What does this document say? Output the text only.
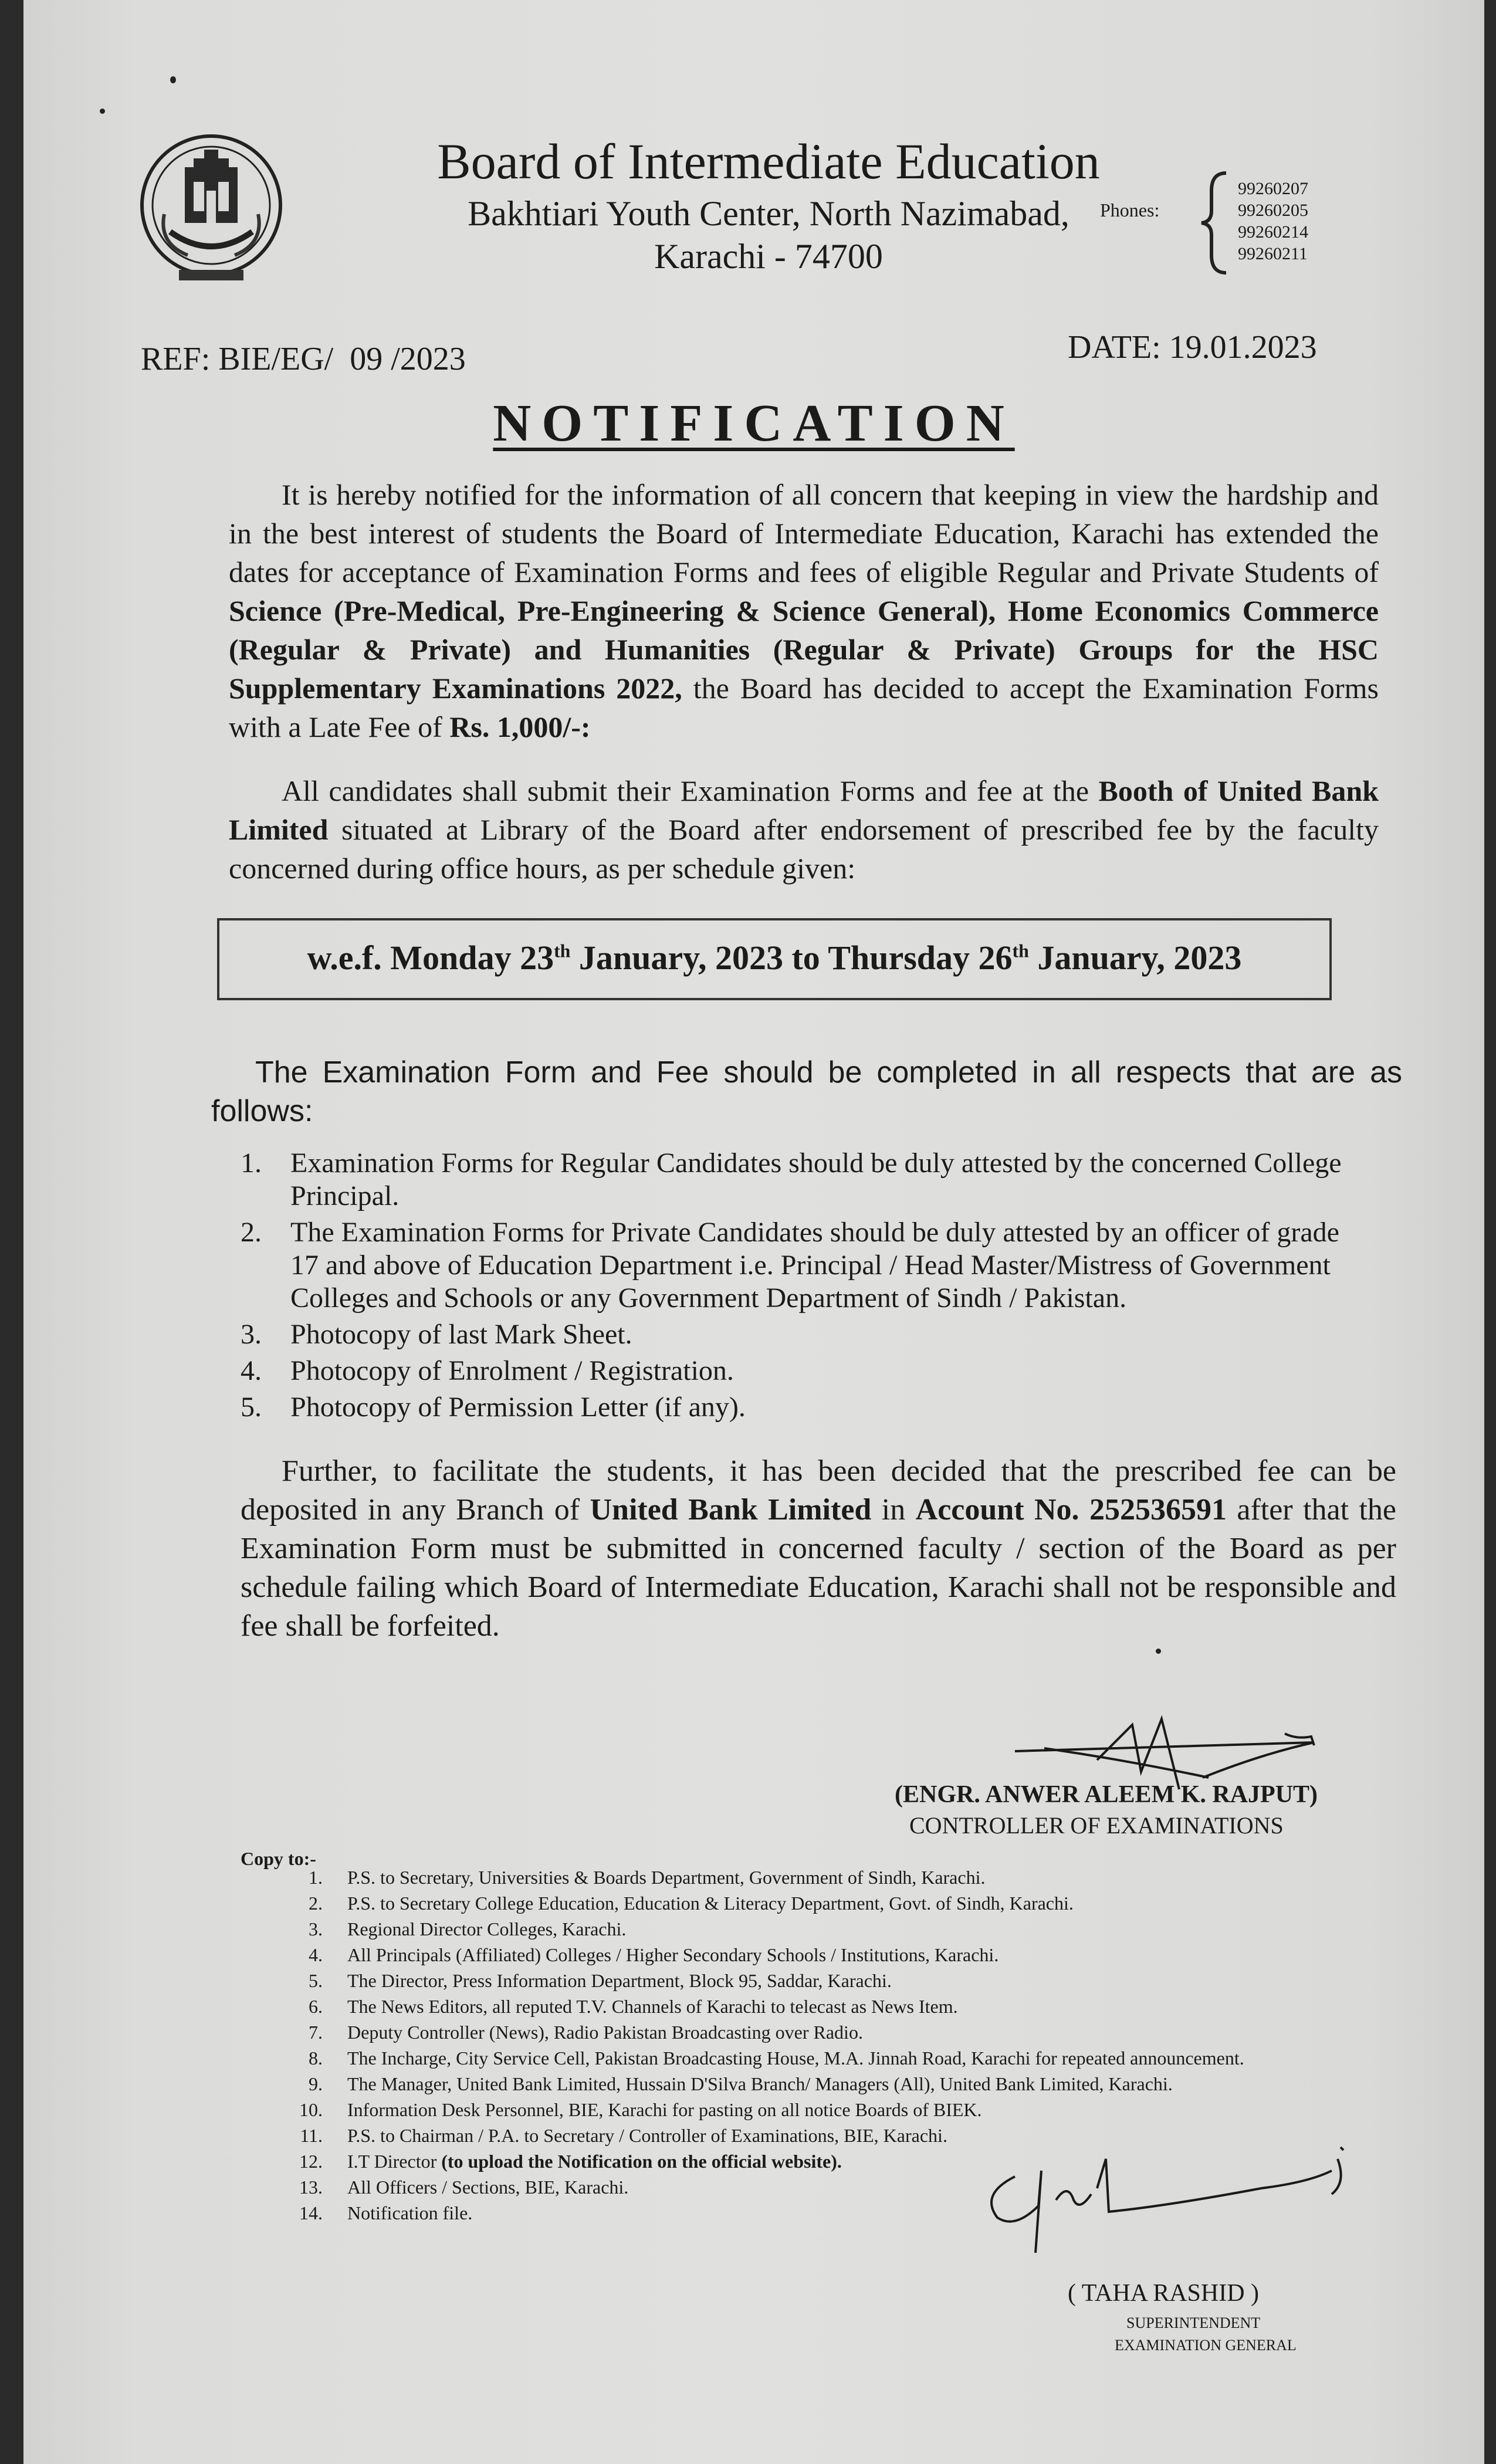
Board of Intermediate Education
Bakhtiari Youth Center, North Nazimabad,
Karachi - 74700
Phones:
99260207
99260205
99260214
99260211
REF: BIE/EG/  09 /2023	DATE: 19.01.2023
NOTIFICATION
It is hereby notified for the information of all concern that keeping in view the hardship and in the best interest of students the Board of Intermediate Education, Karachi has extended the dates for acceptance of Examination Forms and fees of eligible Regular and Private Students of Science (Pre-Medical, Pre-Engineering & Science General), Home Economics Commerce (Regular & Private) and Humanities (Regular & Private) Groups for the HSC Supplementary Examinations 2022, the Board has decided to accept the Examination Forms with a Late Fee of Rs. 1,000/-:
All candidates shall submit their Examination Forms and fee at the Booth of United Bank Limited situated at Library of the Board after endorsement of prescribed fee by the faculty concerned during office hours, as per schedule given:
w.e.f. Monday 23th January, 2023 to Thursday 26th January, 2023
The Examination Form and Fee should be completed in all respects that are as follows:
1. Examination Forms for Regular Candidates should be duly attested by the concerned College Principal.
2. The Examination Forms for Private Candidates should be duly attested by an officer of grade 17 and above of Education Department i.e. Principal / Head Master/Mistress of Government Colleges and Schools or any Government Department of Sindh / Pakistan.
3. Photocopy of last Mark Sheet.
4. Photocopy of Enrolment / Registration.
5. Photocopy of Permission Letter (if any).
Further, to facilitate the students, it has been decided that the prescribed fee can be deposited in any Branch of United Bank Limited in Account No. 252536591 after that the Examination Form must be submitted in concerned faculty / section of the Board as per schedule failing which Board of Intermediate Education, Karachi shall not be responsible and fee shall be forfeited.
(ENGR. ANWER ALEEM K. RAJPUT)
CONTROLLER OF EXAMINATIONS
Copy to:-
1. P.S. to Secretary, Universities & Boards Department, Government of Sindh, Karachi.
2. P.S. to Secretary College Education, Education & Literacy Department, Govt. of Sindh, Karachi.
3. Regional Director Colleges, Karachi.
4. All Principals (Affiliated) Colleges / Higher Secondary Schools / Institutions, Karachi.
5. The Director, Press Information Department, Block 95, Saddar, Karachi.
6. The News Editors, all reputed T.V. Channels of Karachi to telecast as News Item.
7. Deputy Controller (News), Radio Pakistan Broadcasting over Radio.
8. The Incharge, City Service Cell, Pakistan Broadcasting House, M.A. Jinnah Road, Karachi for repeated announcement.
9. The Manager, United Bank Limited, Hussain D'Silva Branch/ Managers (All), United Bank Limited, Karachi.
10. Information Desk Personnel, BIE, Karachi for pasting on all notice Boards of BIEK.
11. P.S. to Chairman / P.A. to Secretary / Controller of Examinations, BIE, Karachi.
12. I.T Director (to upload the Notification on the official website).
13. All Officers / Sections, BIE, Karachi.
14. Notification file.
( TAHA RASHID )
SUPERINTENDENT
EXAMINATION GENERAL
